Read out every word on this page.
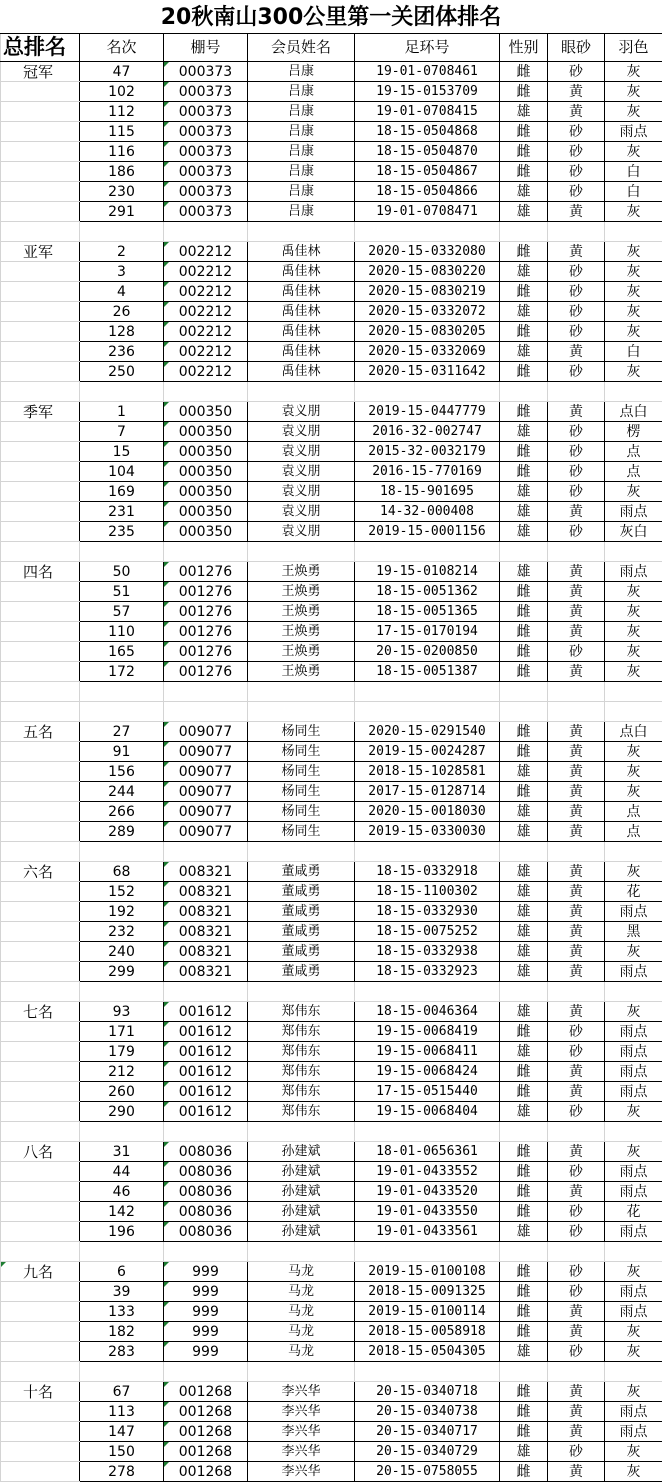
20秋南山300公里第一关团体排名
总排名	名次	棚号	会员姓名	足环号	性别	眼砂	羽色
冠军	47	000373	吕康	19-01-0708461	雌	砂	灰
	102	000373	吕康	19-15-0153709	雌	黄	灰
	112	000373	吕康	19-01-0708415	雄	黄	灰
	115	000373	吕康	18-15-0504868	雌	砂	雨点
	116	000373	吕康	18-15-0504870	雌	砂	灰
	186	000373	吕康	18-15-0504867	雌	砂	白
	230	000373	吕康	18-15-0504866	雄	砂	白
	291	000373	吕康	19-01-0708471	雄	黄	灰

亚军	2	002212	禹佳林	2020-15-0332080	雌	黄	灰
	3	002212	禹佳林	2020-15-0830220	雄	砂	灰
	4	002212	禹佳林	2020-15-0830219	雌	砂	灰
	26	002212	禹佳林	2020-15-0332072	雄	砂	灰
	128	002212	禹佳林	2020-15-0830205	雌	砂	灰
	236	002212	禹佳林	2020-15-0332069	雄	黄	白
	250	002212	禹佳林	2020-15-0311642	雌	砂	灰

季军	1	000350	袁义朋	2019-15-0447779	雌	黄	点白
	7	000350	袁义朋	2016-32-002747	雄	砂	楞
	15	000350	袁义朋	2015-32-0032179	雌	砂	点
	104	000350	袁义朋	2016-15-770169	雌	砂	点
	169	000350	袁义朋	18-15-901695	雄	砂	灰
	231	000350	袁义朋	14-32-000408	雄	黄	雨点
	235	000350	袁义朋	2019-15-0001156	雄	砂	灰白

四名	50	001276	王焕勇	19-15-0108214	雄	黄	雨点
	51	001276	王焕勇	18-15-0051362	雌	黄	灰
	57	001276	王焕勇	18-15-0051365	雌	黄	灰
	110	001276	王焕勇	17-15-0170194	雌	黄	灰
	165	001276	王焕勇	20-15-0200850	雌	砂	灰
	172	001276	王焕勇	18-15-0051387	雌	黄	灰

五名	27	009077	杨同生	2020-15-0291540	雌	黄	点白
	91	009077	杨同生	2019-15-0024287	雌	黄	灰
	156	009077	杨同生	2018-15-1028581	雄	黄	灰
	244	009077	杨同生	2017-15-0128714	雌	黄	灰
	266	009077	杨同生	2020-15-0018030	雄	黄	点
	289	009077	杨同生	2019-15-0330030	雄	黄	点

六名	68	008321	董咸勇	18-15-0332918	雄	黄	灰
	152	008321	董咸勇	18-15-1100302	雄	黄	花
	192	008321	董咸勇	18-15-0332930	雄	黄	雨点
	232	008321	董咸勇	18-15-0075252	雄	黄	黑
	240	008321	董咸勇	18-15-0332938	雄	黄	灰
	299	008321	董咸勇	18-15-0332923	雄	黄	雨点

七名	93	001612	郑伟东	18-15-0046364	雄	黄	灰
	171	001612	郑伟东	19-15-0068419	雌	砂	雨点
	179	001612	郑伟东	19-15-0068411	雄	砂	雨点
	212	001612	郑伟东	19-15-0068424	雌	黄	雨点
	260	001612	郑伟东	17-15-0515440	雌	黄	雨点
	290	001612	郑伟东	19-15-0068404	雄	砂	灰

八名	31	008036	孙建斌	18-01-0656361	雌	黄	灰
	44	008036	孙建斌	19-01-0433552	雌	砂	雨点
	46	008036	孙建斌	19-01-0433520	雌	黄	雨点
	142	008036	孙建斌	19-01-0433550	雌	砂	花
	196	008036	孙建斌	19-01-0433561	雄	砂	雨点

九名	6	999	马龙	2019-15-0100108	雌	砂	灰
	39	999	马龙	2018-15-0091325	雌	砂	雨点
	133	999	马龙	2019-15-0100114	雌	黄	雨点
	182	999	马龙	2018-15-0058918	雌	黄	灰
	283	999	马龙	2018-15-0504305	雄	砂	灰

十名	67	001268	李兴华	20-15-0340718	雌	黄	灰
	113	001268	李兴华	20-15-0340738	雌	黄	雨点
	147	001268	李兴华	20-15-0340717	雌	黄	雨点
	150	001268	李兴华	20-15-0340729	雄	砂	灰
	278	001268	李兴华	20-15-0758055	雌	黄	灰
